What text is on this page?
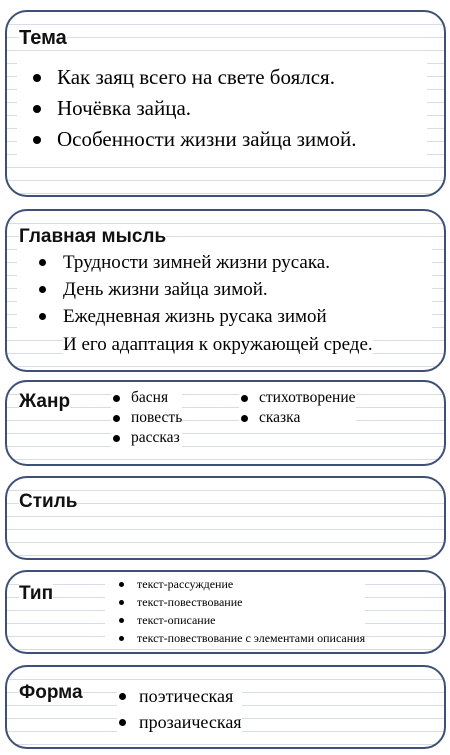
Тема
Как заяц всего на свете боялся.
Ночёвка зайца.
Особенности жизни зайца зимой.
Главная мысль
Трудности зимней жизни русака.
День жизни зайца зимой.
Ежедневная жизнь русака зимой
И его адаптация к окружающей среде.
Жанр	басня
повесть
рассказ
стихотворение
сказка
Стиль
Тип	текст-рассуждение
текст-повествование
текст-описание
текст-повествование с элементами описания
Форма	поэтическая
прозаическая
